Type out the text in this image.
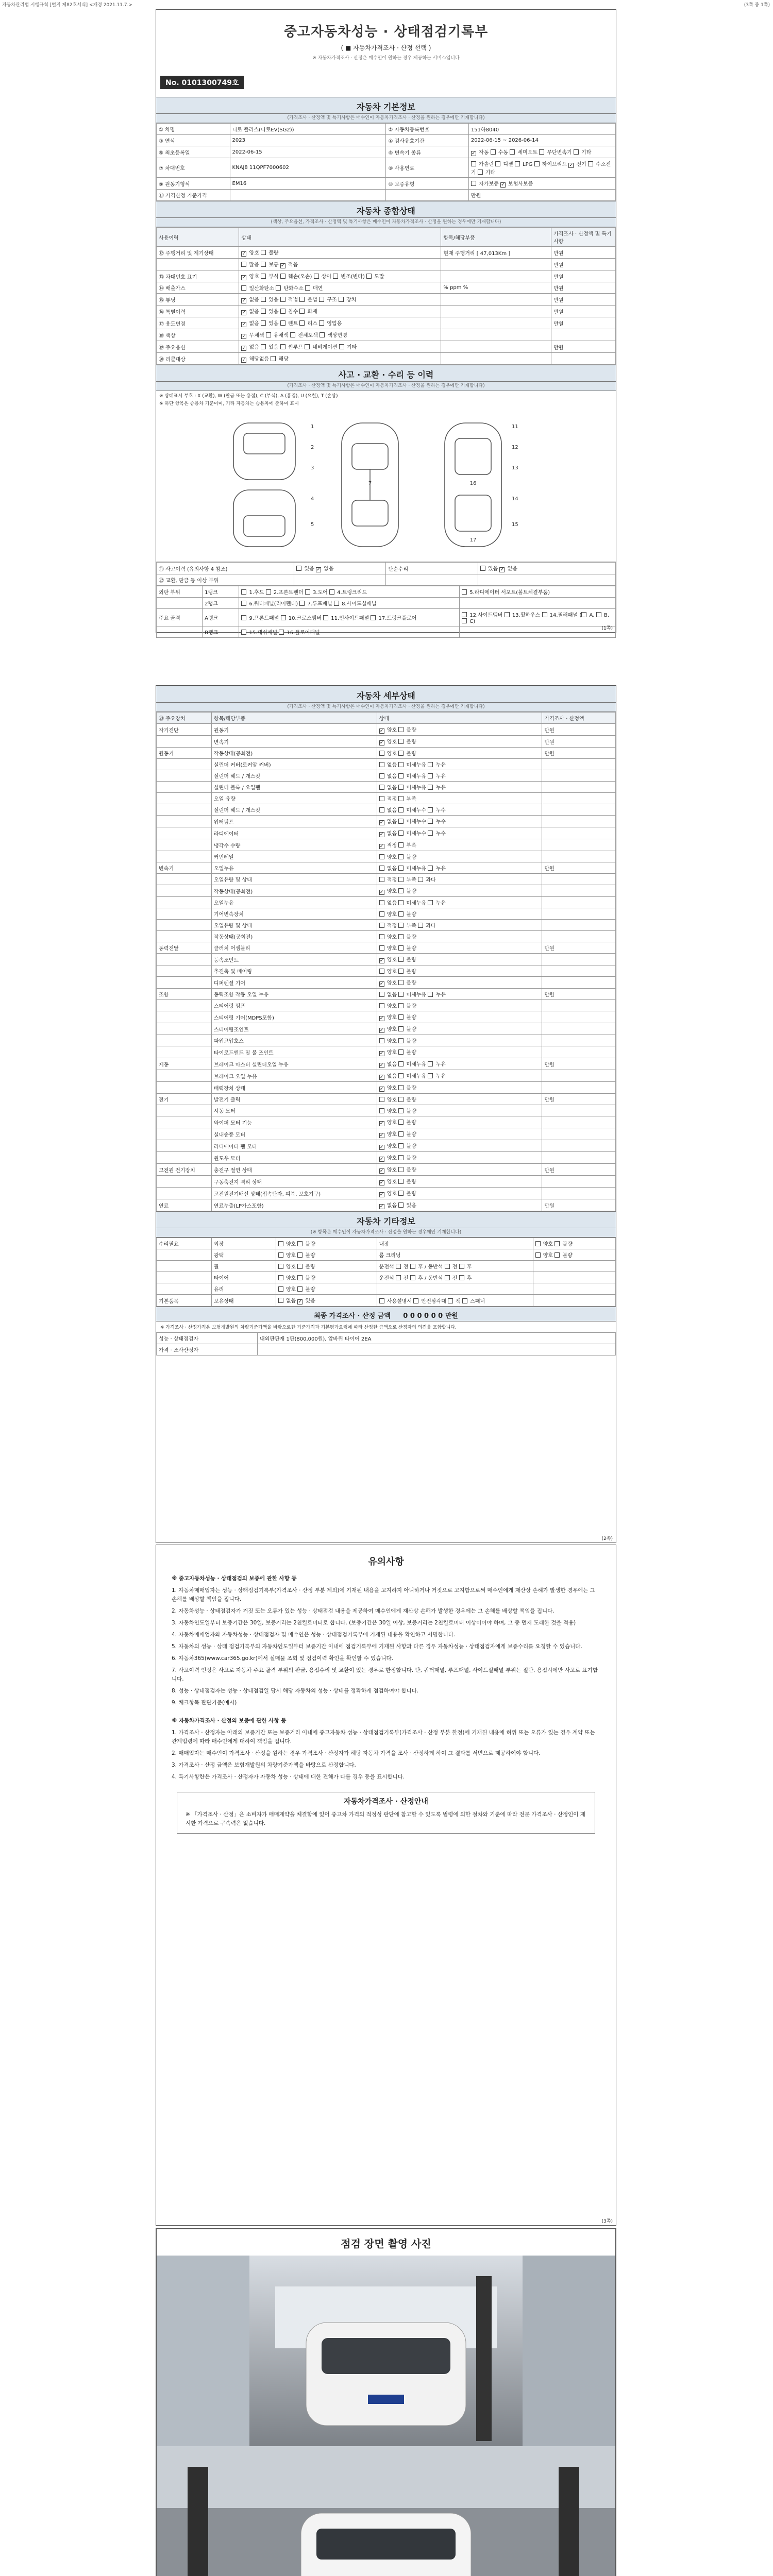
자동차관리법 시행규칙 [별지 제82호서식] <개정 2021.11.7.>	(3쪽 중 1쪽)
중고자동차성능 · 상태점검기록부
( ■ 자동차가격조사 · 산정 선택 )
※ 자동차가격조사 · 산정은 매수인이 원하는 경우 제공하는 서비스입니다
No. 0101300749호
자동차 기본정보
(가격조사 · 산정액 및 특기사항은 매수인이 자동차가격조사 · 산정을 원하는 경우에만 기재합니다)
① 차명	니로 플러스(니로EV(SG2))	② 자동차등록번호	151하8040
③ 연식	2023	④ 검사유효기간	2022-06-15 ~ 2026-06-14
⑤ 최초등록일	2022-06-15	⑥ 변속기 종류	✓ 자동  수동  세미오토  무단변속기  기타
⑦ 차대번호	KNAJ8 11QPF7000602	⑧ 사용연료	가솔린  디젤  LPG  하이브리드 ✓ 전기  수소전기  기타
⑨ 원동기형식	EM16	⑩ 보증유형	자가보증 ✓ 보험사보증
⑪ 가격산정 기준가격			만원
자동차 종합상태
(색상, 주요옵션, 가격조사 · 산정액 및 특기사항은 매수인이 자동차가격조사 · 산정을 원하는 경우에만 기재합니다)
사용이력	상태	항목/해당부품	가격조사 · 산정액 및 특기사항
⑫ 주행거리 및 계기상태	✓ 양호  불량	현재 주행거리 [ 47,013Km ]	만원
	많음  보통 ✓ 적음		만원
⑬ 차대번호 표기	✓ 양호  부식  훼손(오손)  상이  변조(변타)  도말		만원
⑭ 배출가스	일산화탄소  탄화수소  매연	% ppm %	만원
⑮ 튜닝	✓ 없음  있음  적법  불법  구조  장치		만원
⑯ 특별이력	✓ 없음  있음  침수  화재		만원
⑰ 용도변경	✓ 없음  있음  렌트  리스  영업용		만원
⑱ 색상	✓ 무채색  유채색  전체도색  색상변경		
⑲ 주요옵션	✓ 없음  있음  썬루프  네비게이션  기타		만원
⑳ 리콜대상	✓ 해당없음  해당		
사고 · 교환 · 수리 등 이력
(가격조사 · 산정액 및 특기사항은 매수인이 자동차가격조사 · 산정을 원하는 경우에만 기재합니다)
※ 상태표시 부호 : X (교환), W (판금 또는 용접), C (부식), A (흠집), U (요철), T (손상)
※ 하단 항목은 승용차 기준이며, 기타 자동차는 승용차에 준하여 표시
1
2
3
4
5
7
11
12
13
14
15
16
17
㉑ 사고이력 (유의사항 4 참조)	있음 ✓ 없음	단순수리	있음 ✓ 없음
㉒ 교환, 판금 등 이상 부위			
외판 부위	1랭크	1.후드  2.프론트펜더  3.도어  4.트렁크리드	5.라디에이터 서포트(볼트체결부품)
	2랭크	6.쿼터패널(리어펜더)  7.루프패널  8.사이드실패널	
주요 골격	A랭크	9.프론트패널  10.크로스멤버  11.인사이드패널  17.트렁크플로어	12.사이드멤버  13.휠하우스  14.필러패널 ( A,  B,  C)
	B랭크	15.대쉬패널  16.플로어패널	
(1쪽)
자동차 세부상태
(가격조사 · 산정액 및 특기사항은 매수인이 자동차가격조사 · 산정을 원하는 경우에만 기재합니다)
㉓ 주요장치	항목/해당부품	상태	가격조사 · 산정액
자기진단	원동기	✓ 양호  불량	만원
	변속기	✓ 양호  불량	만원
원동기	작동상태(공회전)	양호  불량	만원
	실린더 커버(로커암 커버)	없음  미세누유  누유	
	실린더 헤드 / 개스킷	없음  미세누유  누유	
	실린더 블록 / 오일팬	없음  미세누유  누유	
	오일 유량	적정  부족	
	실린더 헤드 / 개스킷	없음  미세누수  누수	
	워터펌프	✓ 없음  미세누수  누수	
	라디에이터	✓ 없음  미세누수  누수	
	냉각수 수량	✓ 적정  부족	
	커먼레일	양호  불량	
변속기	오일누유	없음  미세누유  누유	만원
	오일유량 및 상태	적정  부족  과다	
	작동상태(공회전)	✓ 양호  불량	
	오일누유	없음  미세누유  누유	
	기어변속장치	양호  불량	
	오일유량 및 상태	적정  부족  과다	
	작동상태(공회전)	양호  불량	
동력전달	클러치 어셈블리	양호  불량	만원
	등속조인트	✓ 양호  불량	
	추진축 및 베어링	양호  불량	
	디퍼렌셜 기어	✓ 양호  불량	
조향	동력조향 작동 오일 누유	없음  미세누유  누유	만원
	스티어링 펌프	양호  불량	
	스티어링 기어(MDPS포함)	✓ 양호  불량	
	스티어링조인트	✓ 양호  불량	
	파워고압호스	양호  불량	
	타이로드엔드 및 볼 조인트	✓ 양호  불량	
제동	브레이크 마스터 실린더오일 누유	✓ 없음  미세누유  누유	만원
	브레이크 오일 누유	✓ 없음  미세누유  누유	
	배력장치 상태	✓ 양호  불량	
전기	발전기 출력	양호  불량	만원
	시동 모터	양호  불량	
	와이퍼 모터 기능	✓ 양호  불량	
	실내송풍 모터	✓ 양호  불량	
	라디에이터 팬 모터	✓ 양호  불량	
	윈도우 모터	✓ 양호  불량	
고전원 전기장치	충전구 절연 상태	✓ 양호  불량	만원
	구동축전지 격리 상태	✓ 양호  불량	
	고전원전기배선 상태(접속단자, 피복, 보호기구)	✓ 양호  불량	
연료	연료누출(LP가스포함)	✓ 없음  있음	만원
자동차 기타정보
(※ 항목은 매수인이 자동차가격조사 · 산정을 원하는 경우에만 기재합니다)
수리필요	외장	양호  불량	내장	양호  불량
	광택	양호  불량	룸 크리닝	양호  불량
	휠	양호  불량	운전석  전  후 / 동반석  전  후	
	타이어	양호  불량	운전석  전  후 / 동반석  전  후	
	유리	양호  불량		
기본품목	보유상태	없음 ✓ 있음	사용설명서  안전삼각대  잭  스패너	
최종 가격조사 · 산정 금액 0 0 0 0 0 0 만원
※ 가격조사 · 산정가격은 보험개발원의 차량기준가액을 바탕으로한 기준가격과 기본평가요령에 따라 산정한 금액으로 산정자의 의견을 포함합니다.
성능 · 상태점검자	내외판판재 1판(800,000원), 앞바퀴 타이어 2EA
가격 · 조사산정자	
(2쪽)
유의사항

※ 중고자동차성능 · 상태점검의 보증에 관한 사항 등

1. 자동차매매업자는 성능 · 상태점검기록부(가격조사 · 산정 부분 제외)에 기재된 내용을 고지하지 아니하거나 거짓으로 고지함으로써 매수인에게 재산상 손해가 발생한 경우에는 그 손해를 배상할 책임을 집니다.

2. 자동차성능 · 상태점검자가 거짓 또는 오류가 있는 성능 · 상태점검 내용을 제공하여 매수인에게 재산상 손해가 발생한 경우에는 그 손해를 배상할 책임을 집니다.

3. 자동차인도일부터 보증기간은 30일, 보증거리는 2천킬로미터로 합니다. (보증기간은 30일 이상, 보증거리는 2천킬로미터 이상이어야 하며, 그 중 먼저 도래한 것을 적용)

4. 자동차매매업자와 자동차성능 · 상태점검자 및 매수인은 성능 · 상태점검기록부에 기재된 내용을 확인하고 서명합니다.

5. 자동차의 성능 · 상태 점검기록부의 자동차인도일부터 보증기간 이내에 점검기록부에 기재된 사항과 다른 경우 자동차성능 · 상태점검자에게 보증수리를 요청할 수 있습니다.

6. 자동차365(www.car365.go.kr)에서 실매물 조회 및 점검이력 확인을 확인할 수 있습니다.

7. 사고이력 인정은 사고로 자동차 주요 골격 부위의 판금, 용접수리 및 교환이 있는 경우로 한정합니다. 단, 쿼터패널, 루프패널, 사이드실패널 부위는 절단, 용접시에만 사고로 표기합니다.

8. 성능 · 상태점검자는 성능 · 상태점검일 당시 해당 자동차의 성능 · 상태를 정확하게 점검하여야 합니다.

9. 체크항목 판단기준(예시)

※ 자동차가격조사 · 산정의 보증에 관한 사항 등

1. 가격조사 · 산정자는 아래의 보증기간 또는 보증거리 이내에 중고자동차 성능 · 상태점검기록부(가격조사 · 산정 부분 한정)에 기재된 내용에 허위 또는 오류가 있는 경우 계약 또는 관계법령에 따라 매수인에게 대하여 책임을 집니다.

2. 매매업자는 매수인이 가격조사 · 산정을 원하는 경우 가격조사 · 산정자가 해당 자동차 가격을 조사 · 산정하게 하여 그 결과를 서면으로 제공하여야 합니다.

3. 가격조사 · 산정 금액은 보험개발원의 차량기준가액을 바탕으로 산정합니다.

4. 특기사항란은 가격조사 · 산정자가 자동차 성능 · 상태에 대한 견해가 다를 경우 등을 표시합니다.

자동차가격조사 · 산정안내
※ 「가격조사 · 산정」은 소비자가 매매계약을 체결함에 있어 중고차 가격의 적정성 판단에 참고할 수 있도록 법령에 의한 절차와 기준에 따라 전문 가격조사 · 산정인이 제시한 가격으로 구속력은 없습니다.
(3쪽)
점검 장면 촬영 사진
